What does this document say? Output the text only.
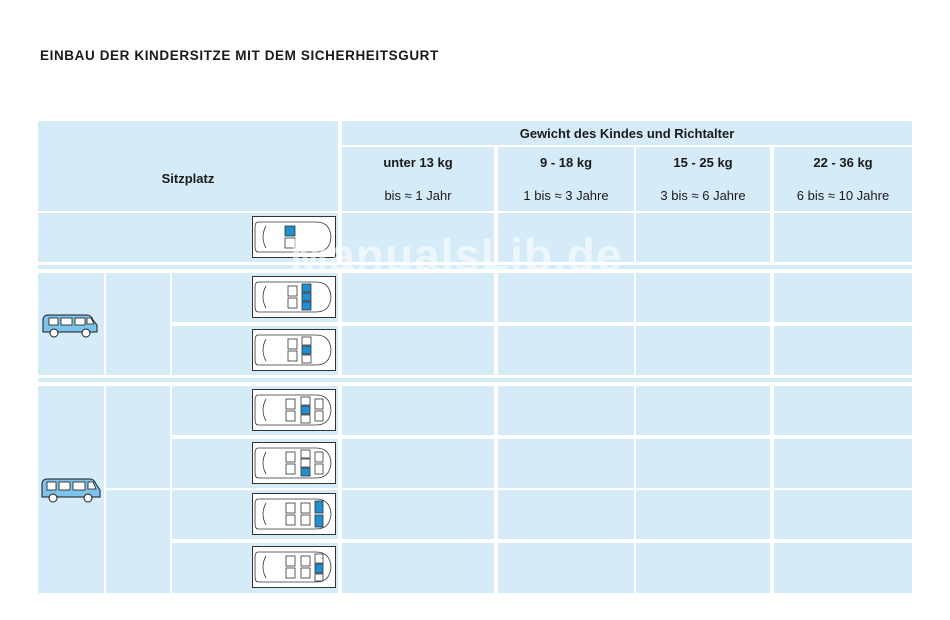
EINBAU DER KINDERSITZE MIT DEM SICHERHEITSGURT
Sitzplatz
Gewicht des Kindes und Richtalter
unter 13 kg
bis ≈ 1 Jahr
9 - 18 kg
1 bis ≈ 3 Jahre
15 - 25 kg
3 bis ≈ 6 Jahre
22 - 36 kg
6 bis ≈ 10 Jahre
ManualsLib.de
